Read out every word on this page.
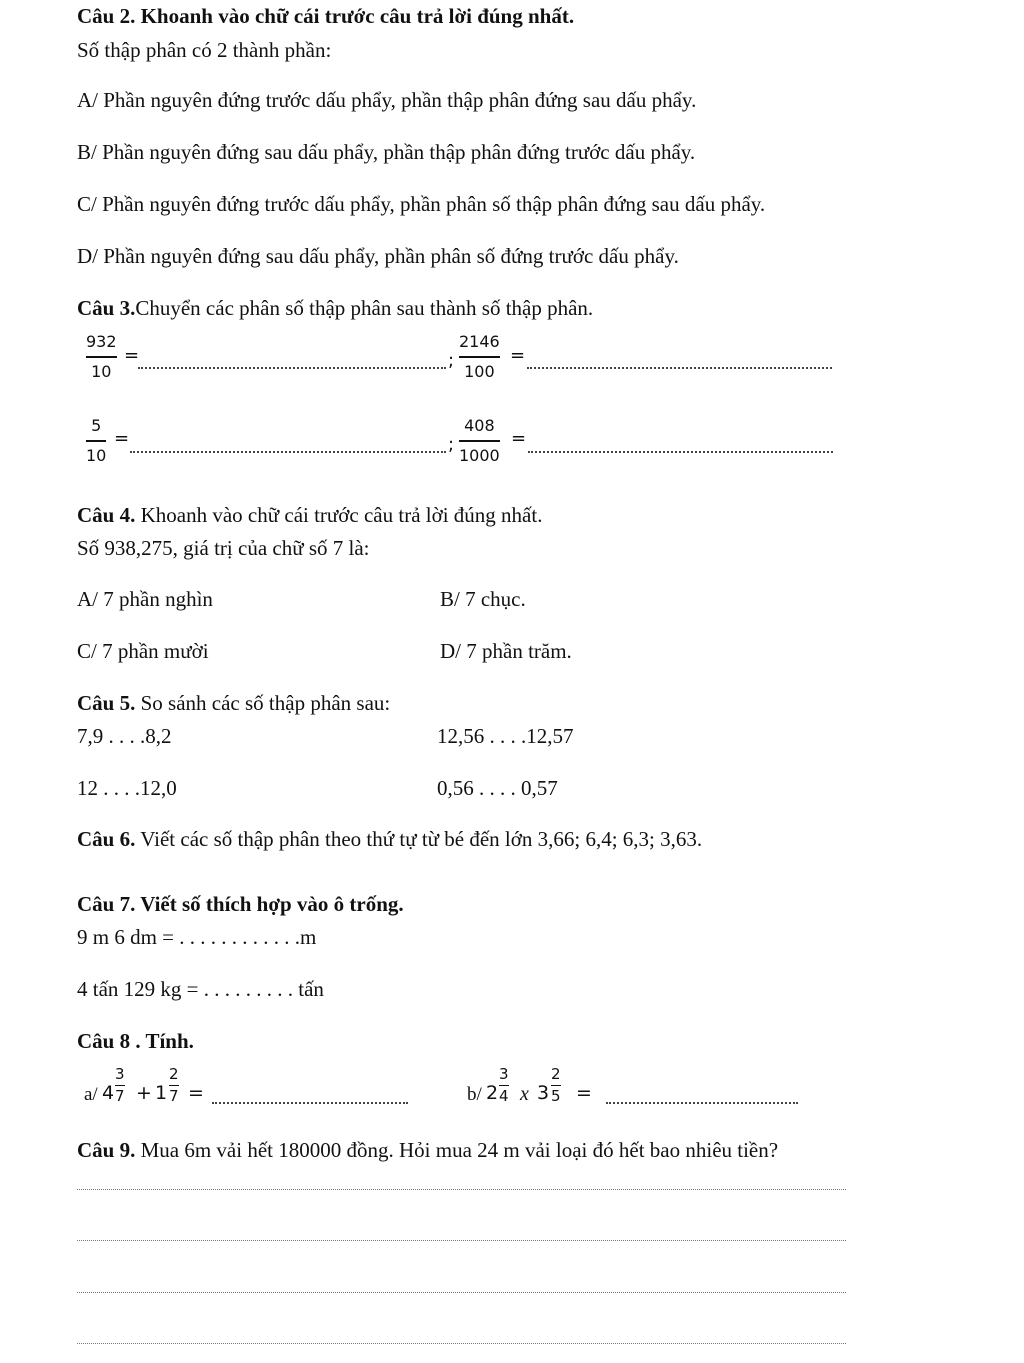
Câu 2. Khoanh vào chữ cái trước câu trả lời đúng nhất.
Số thập phân có 2 thành phần:
A/ Phần nguyên đứng trước dấu phẩy, phần thập phân đứng sau dấu phẩy.
B/ Phần nguyên đứng sau dấu phẩy, phần thập phân đứng trước dấu phẩy.
C/ Phần nguyên đứng trước dấu phẩy, phần phân số thập phân đứng sau dấu phẩy.
D/ Phần nguyên đứng sau dấu phẩy, phần phân số đứng trước dấu phẩy.
Câu 3.Chuyển các phân số thập phân sau thành số thập phân.
932
10
=	;
2146
100
=
5
10
=	;
408
1000
=
Câu 4. Khoanh vào chữ cái trước câu trả lời đúng nhất.
Số 938,275, giá trị của chữ số 7 là:
A/ 7 phần nghìn	B/ 7 chục.
C/ 7 phần mười	D/ 7 phần trăm.
Câu 5. So sánh các số thập phân sau:
7,9 . . . .8,2	12,56 . . . .12,57
12 . . . .12,0	0,56 . . . . 0,57
Câu 6. Viết các số thập phân theo thứ tự từ bé đến lớn 3,66; 6,4; 6,3; 3,63.
Câu 7. Viết số thích hợp vào ô trống.
9 m 6 dm = . . . . . . . . . . . .m
4 tấn 129 kg = . . . . . . . . . tấn
Câu 8 . Tính.
a/ 4
3
7 + 1
2
7 =	b/ 2
3
4 x 3
2
5 =
Câu 9. Mua 6m vải hết 180000 đồng. Hỏi mua 24 m vải loại đó hết bao nhiêu tiền?
